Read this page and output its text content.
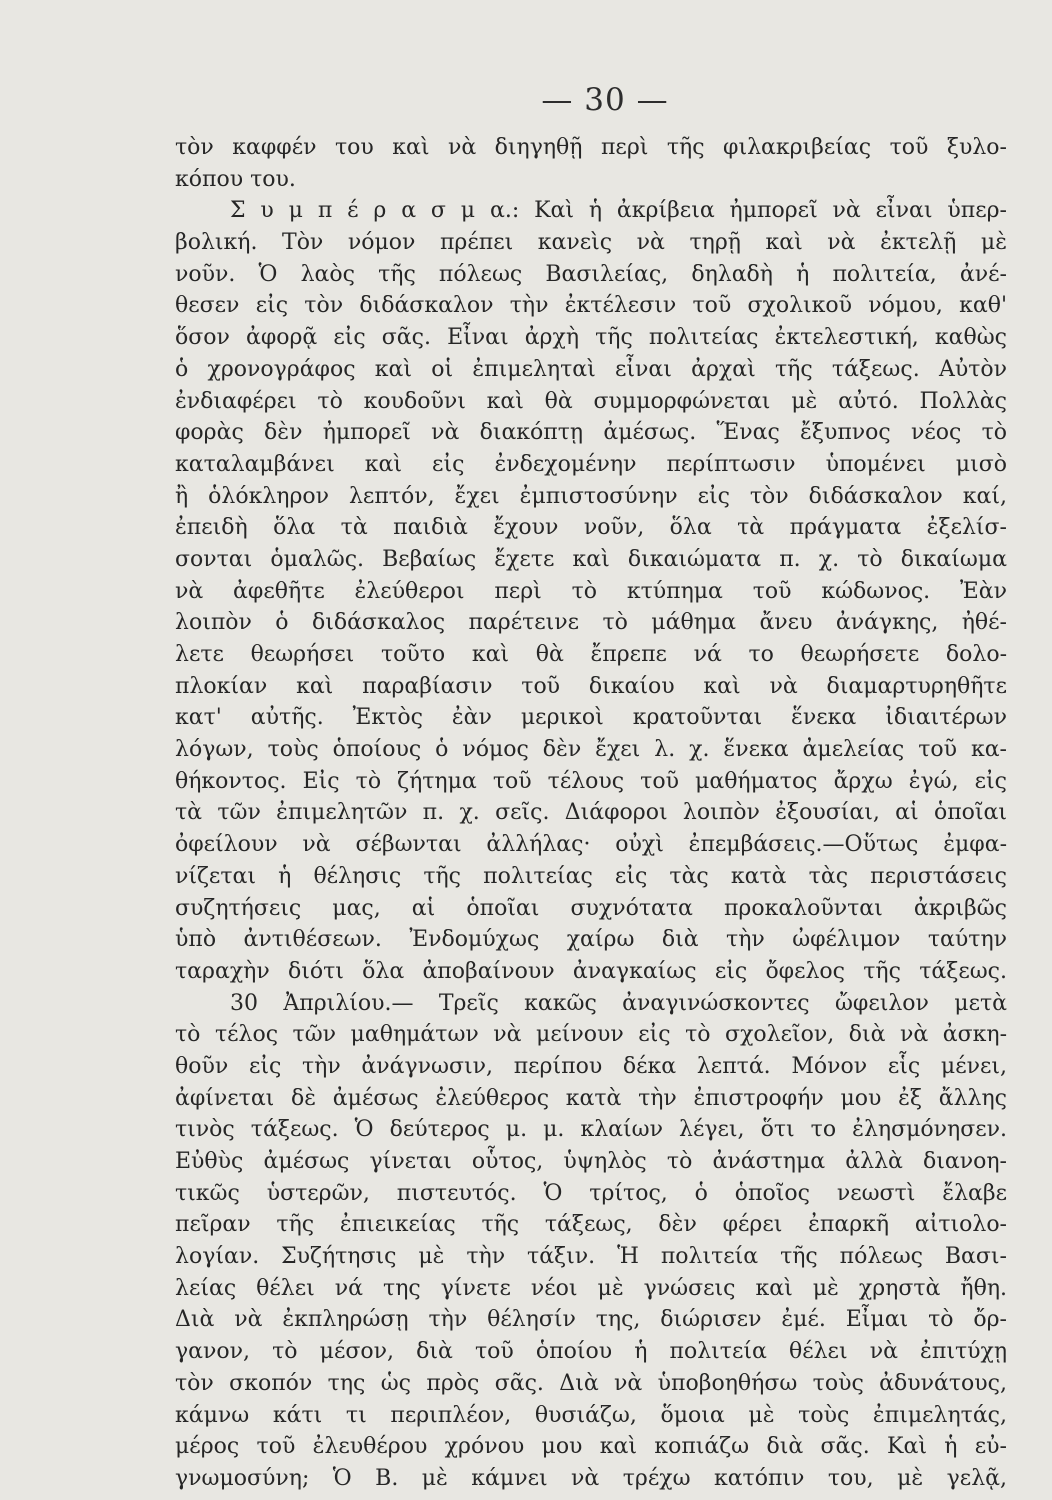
— 30 —
τὸν καφφέν του καὶ νὰ διηγηθῇ περὶ τῆς φιλακριβείας τοῦ ξυλο-
κόπου του.
Σ υ μ π έ ρ α σ μ α.: Καὶ ἡ ἀκρίβεια ἠμπορεῖ νὰ εἶναι ὑπερ-
βολική. Τὸν νόμον πρέπει κανεὶς νὰ τηρῇ καὶ νὰ ἐκτελῇ μὲ
νοῦν. Ὁ λαὸς τῆς πόλεως Βασιλείας, δηλαδὴ ἡ πολιτεία, ἀνέ-
θεσεν εἰς τὸν διδάσκαλον τὴν ἐκτέλεσιν τοῦ σχολικοῦ νόμου, καθ'
ὅσον ἀφορᾷ εἰς σᾶς. Εἶναι ἀρχὴ τῆς πολιτείας ἐκτελεστική, καθὼς
ὁ χρονογράφος καὶ οἱ ἐπιμεληταὶ εἶναι ἀρχαὶ τῆς τάξεως. Αὐτὸν
ἐνδιαφέρει τὸ κουδοῦνι καὶ θὰ συμμορφώνεται μὲ αὐτό. Πολλὰς
φορὰς δὲν ἠμπορεῖ νὰ διακόπτῃ ἀμέσως. Ἕνας ἔξυπνος νέος τὸ
καταλαμβάνει καὶ εἰς ἐνδεχομένην περίπτωσιν ὑπομένει μισὸ
ἢ ὁλόκληρον λεπτόν, ἔχει ἐμπιστοσύνην εἰς τὸν διδάσκαλον καί,
ἐπειδὴ ὅλα τὰ παιδιὰ ἔχουν νοῦν, ὅλα τὰ πράγματα ἐξελίσ-
σονται ὁμαλῶς. Βεβαίως ἔχετε καὶ δικαιώματα π. χ. τὸ δικαίωμα
νὰ ἀφεθῆτε ἐλεύθεροι περὶ τὸ κτύπημα τοῦ κώδωνος. Ἐὰν
λοιπὸν ὁ διδάσκαλος παρέτεινε τὸ μάθημα ἄνευ ἀνάγκης, ἠθέ-
λετε θεωρήσει τοῦτο καὶ θὰ ἔπρεπε νά το θεωρήσετε δολο-
πλοκίαν καὶ παραβίασιν τοῦ δικαίου καὶ νὰ διαμαρτυρηθῆτε
κατ' αὐτῆς. Ἐκτὸς ἐὰν μερικοὶ κρατοῦνται ἕνεκα ἰδιαιτέρων
λόγων, τοὺς ὁποίους ὁ νόμος δὲν ἔχει λ. χ. ἕνεκα ἀμελείας τοῦ κα-
θήκοντος. Εἰς τὸ ζήτημα τοῦ τέλους τοῦ μαθήματος ἄρχω ἐγώ, εἰς
τὰ τῶν ἐπιμελητῶν π. χ. σεῖς. Διάφοροι λοιπὸν ἐξουσίαι, αἱ ὁποῖαι
ὀφείλουν νὰ σέβωνται ἀλλήλας· οὐχὶ ἐπεμβάσεις.—Οὕτως ἐμφα-
νίζεται ἡ θέλησις τῆς πολιτείας εἰς τὰς κατὰ τὰς περιστάσεις
συζητήσεις μας, αἱ ὁποῖαι συχνότατα προκαλοῦνται ἀκριβῶς
ὑπὸ ἀντιθέσεων. Ἐνδομύχως χαίρω διὰ τὴν ὠφέλιμον ταύτην
ταραχὴν διότι ὅλα ἀποβαίνουν ἀναγκαίως εἰς ὄφελος τῆς τάξεως.
30 Ἀπριλίου.— Τρεῖς κακῶς ἀναγινώσκοντες ὤφειλον μετὰ
τὸ τέλος τῶν μαθημάτων νὰ μείνουν εἰς τὸ σχολεῖον, διὰ νὰ ἀσκη-
θοῦν εἰς τὴν ἀνάγνωσιν, περίπου δέκα λεπτά. Μόνον εἷς μένει,
ἀφίνεται δὲ ἀμέσως ἐλεύθερος κατὰ τὴν ἐπιστροφήν μου ἐξ ἄλλης
τινὸς τάξεως. Ὁ δεύτερος μ. μ. κλαίων λέγει, ὅτι το ἐλησμόνησεν.
Εὐθὺς ἀμέσως γίνεται οὗτος, ὑψηλὸς τὸ ἀνάστημα ἀλλὰ διανοη-
τικῶς ὑστερῶν, πιστευτός. Ὁ τρίτος, ὁ ὁποῖος νεωστὶ ἔλαβε
πεῖραν τῆς ἐπιεικείας τῆς τάξεως, δὲν φέρει ἐπαρκῆ αἰτιολο-
λογίαν. Συζήτησις μὲ τὴν τάξιν. Ἡ πολιτεία τῆς πόλεως Βασι-
λείας θέλει νά της γίνετε νέοι μὲ γνώσεις καὶ μὲ χρηστὰ ἤθη.
Διὰ νὰ ἐκπληρώσῃ τὴν θέλησίν της, διώρισεν ἐμέ. Εἶμαι τὸ ὄρ-
γανον, τὸ μέσον, διὰ τοῦ ὁποίου ἡ πολιτεία θέλει νὰ ἐπιτύχῃ
τὸν σκοπόν της ὡς πρὸς σᾶς. Διὰ νὰ ὑποβοηθήσω τοὺς ἀδυνάτους,
κάμνω κάτι τι περιπλέον, θυσιάζω, ὅμοια μὲ τοὺς ἐπιμελητάς,
μέρος τοῦ ἐλευθέρου χρόνου μου καὶ κοπιάζω διὰ σᾶς. Καὶ ἡ εὐ-
γνωμοσύνη; Ὁ Β. μὲ κάμνει νὰ τρέχω κατόπιν του, μὲ γελᾷ,
